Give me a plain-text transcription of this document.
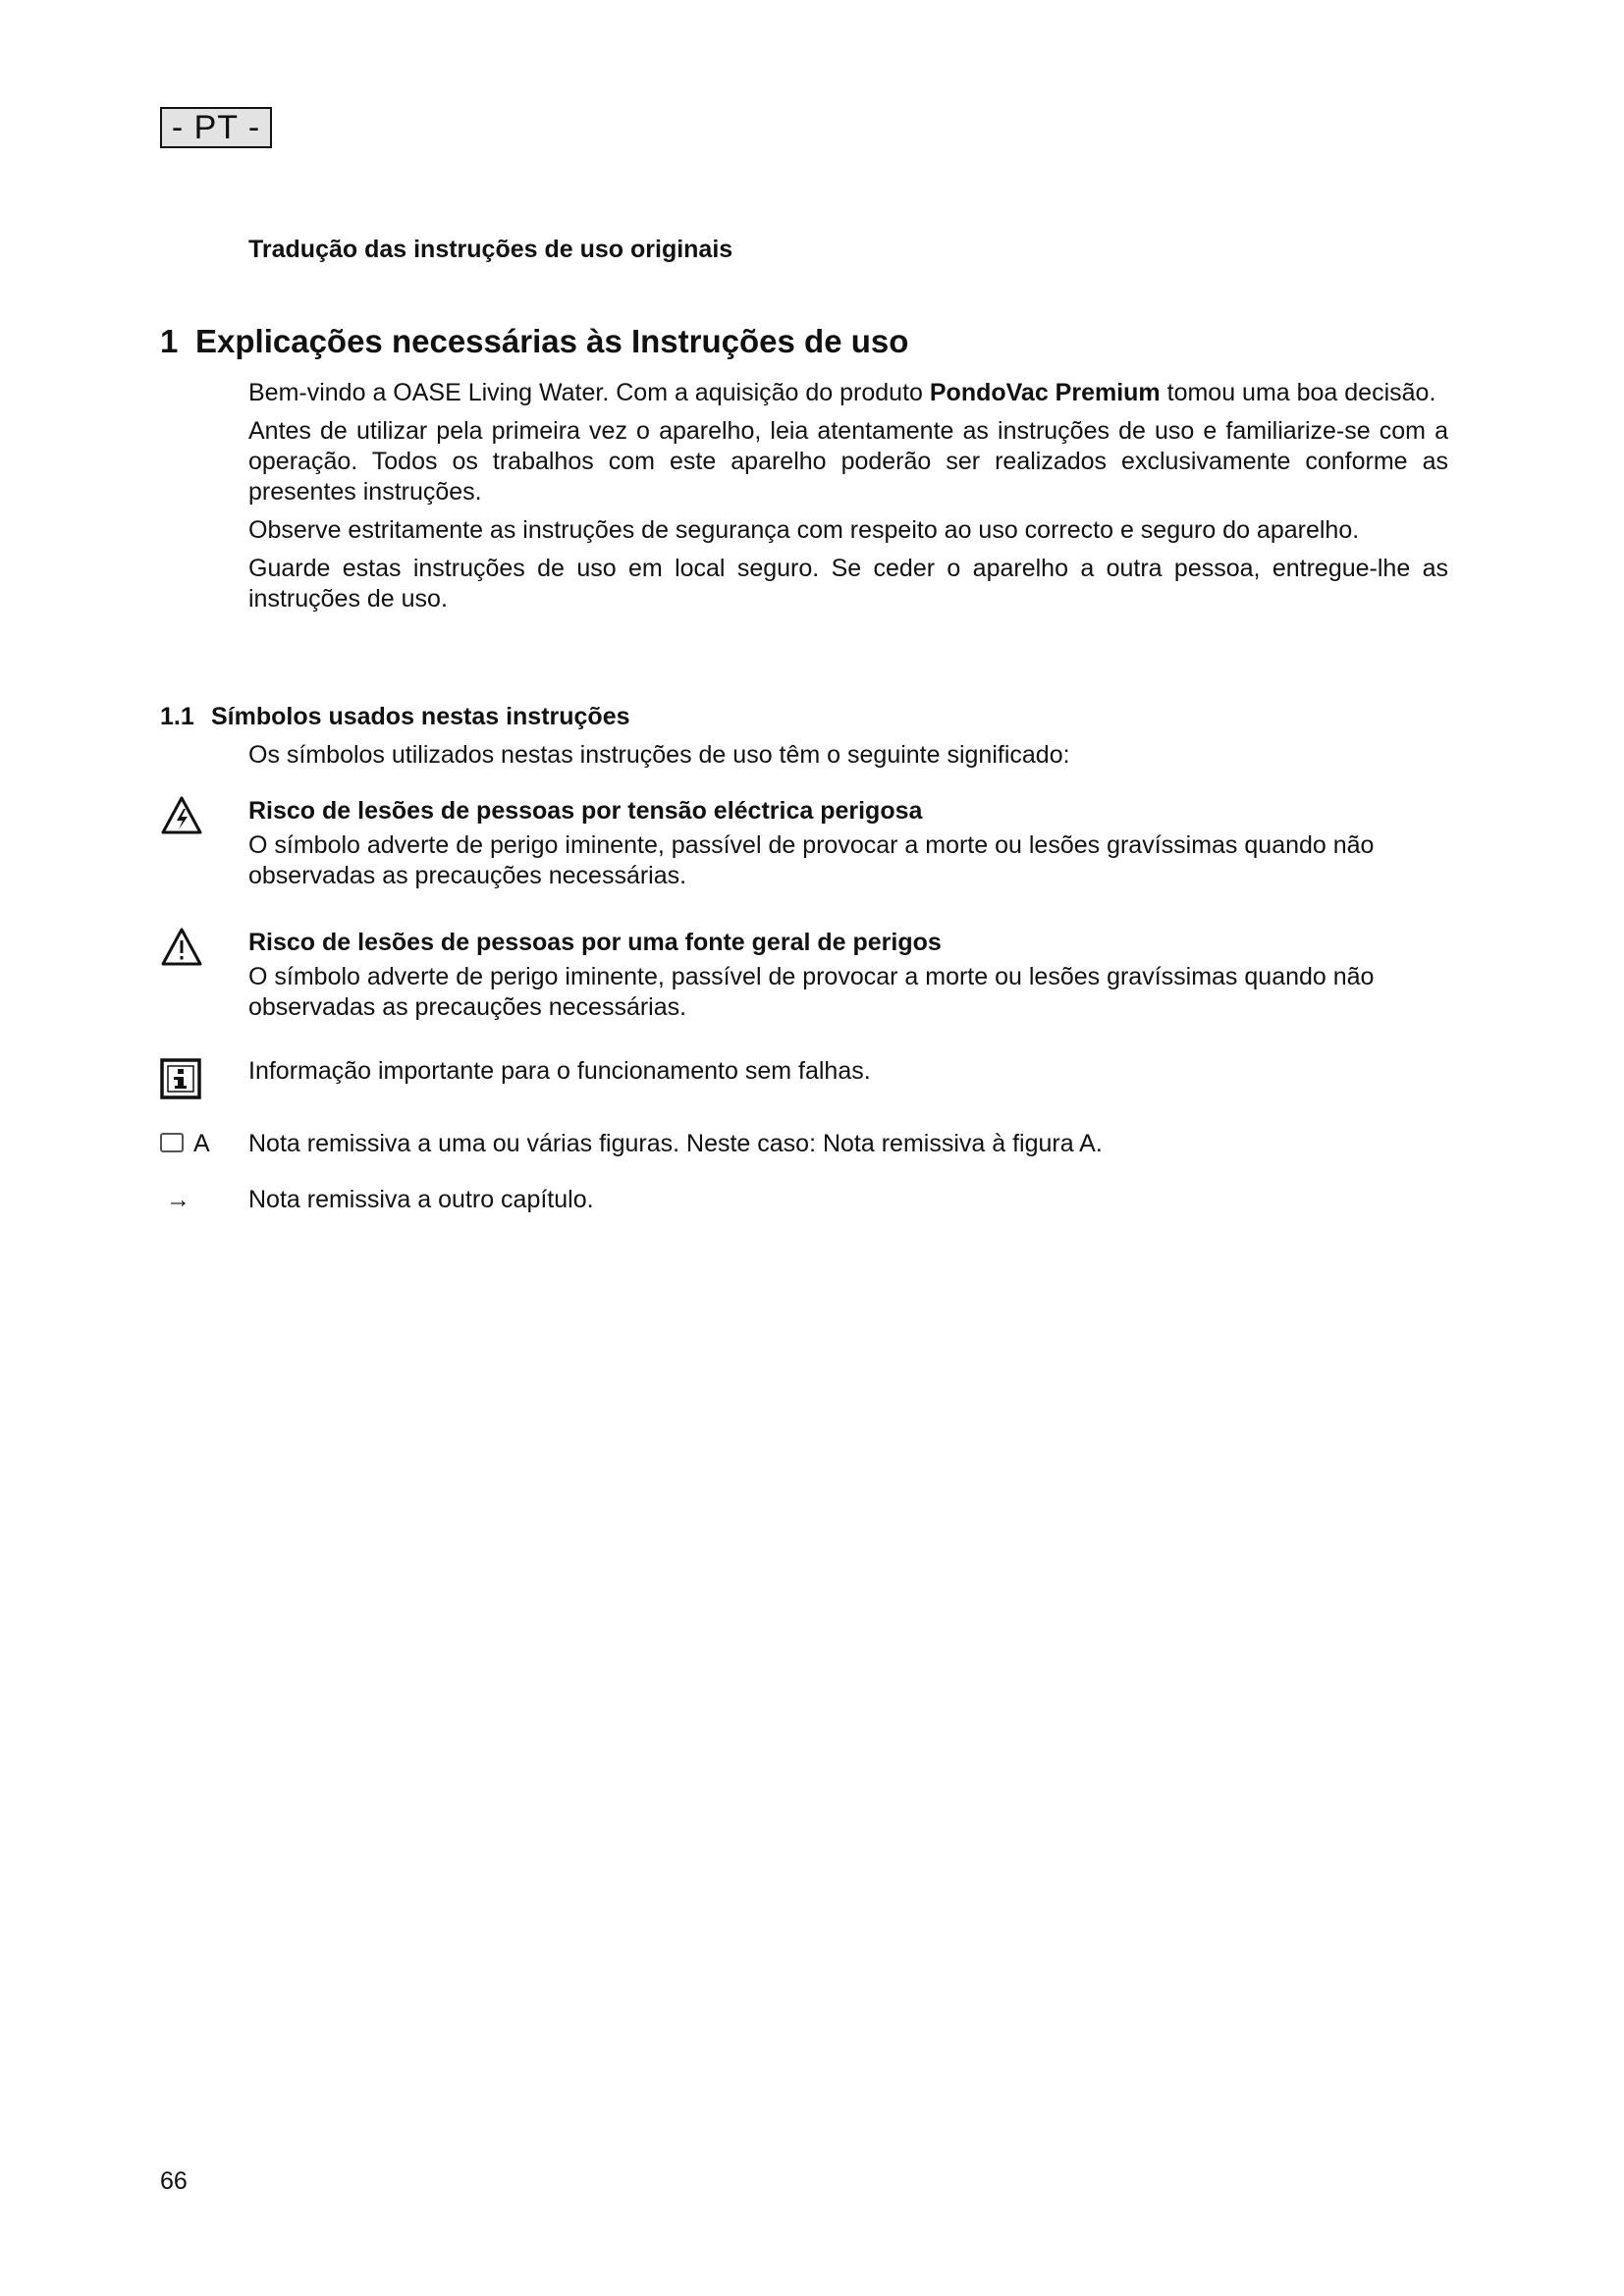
- PT -
Tradução das instruções de uso originais
1 Explicações necessárias às Instruções de uso

Bem-vindo a OASE Living Water. Com a aquisição do produto PondoVac Premium tomou uma boa decisão.

Antes de utilizar pela primeira vez o aparelho, leia atentamente as instruções de uso e familiarize-se com a operação. Todos os trabalhos com este aparelho poderão ser realizados exclusivamente conforme as presentes instruções.

Observe estritamente as instruções de segurança com respeito ao uso correcto e seguro do aparelho.

Guarde estas instruções de uso em local seguro. Se ceder o aparelho a outra pessoa, entregue-lhe as instruções de uso.

1.1 Símbolos usados nestas instruções
Os símbolos utilizados nestas instruções de uso têm o seguinte significado:
Risco de lesões de pessoas por tensão eléctrica perigosa
O símbolo adverte de perigo iminente, passível de provocar a morte ou lesões gravíssimas quando não observadas as precauções necessárias.
Risco de lesões de pessoas por uma fonte geral de perigos
O símbolo adverte de perigo iminente, passível de provocar a morte ou lesões gravíssimas quando não observadas as precauções necessárias.
Informação importante para o funcionamento sem falhas.
A Nota remissiva a uma ou várias figuras. Neste caso: Nota remissiva à figura A.
→ Nota remissiva a outro capítulo.
66
